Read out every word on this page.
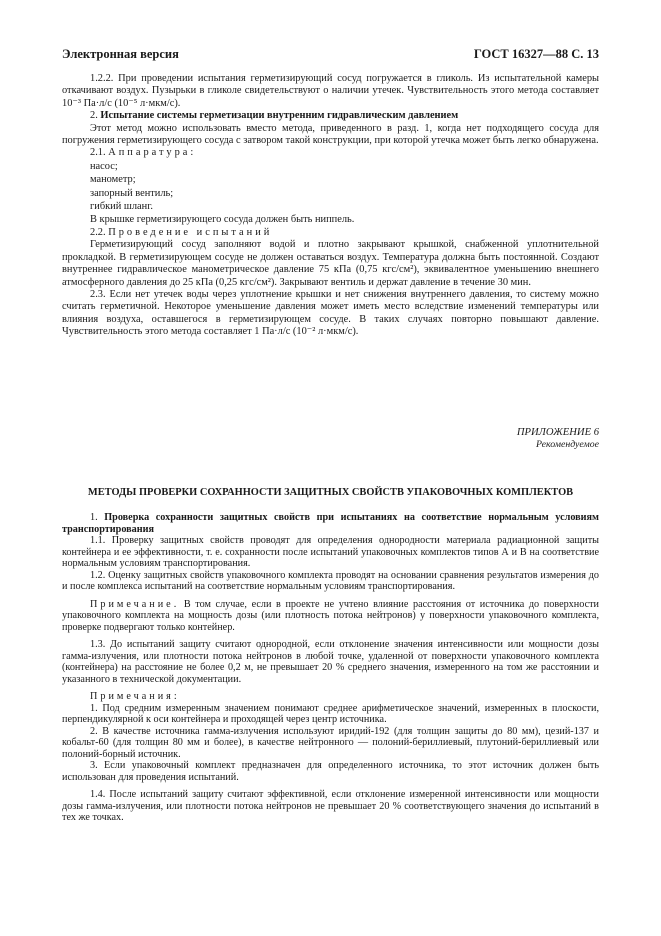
Электронная версия	ГОСТ 16327—88 С. 13

1.2.2. При проведении испытания герметизирующий сосуд погружается в гликоль. Из испытательной камеры откачивают воздух. Пузырьки в гликоле свидетельствуют о наличии утечек. Чувствительность этого метода составляет 10⁻³ Па·л/с (10⁻⁵ л·мкм/с).

2. Испытание системы герметизации внутренним гидравлическим давлением

Этот метод можно использовать вместо метода, приведенного в разд. 1, когда нет подходящего сосуда для погружения герметизирующего сосуда с затвором такой конструкции, при которой утечка может быть легко обнаружена.

2.1. Аппаратура:

насос;

манометр;

запорный вентиль;

гибкий шланг.

В крышке герметизирующего сосуда должен быть ниппель.

2.2. Проведение испытаний

Герметизирующий сосуд заполняют водой и плотно закрывают крышкой, снабженной уплотнительной прокладкой. В герметизирующем сосуде не должен оставаться воздух. Температура должна быть постоянной. Создают внутреннее гидравлическое манометрическое давление 75 кПа (0,75 кгс/см²), эквивалентное уменьшению внешнего атмосферного давления до 25 кПа (0,25 кгс/см²). Закрывают вентиль и держат давление в течение 30 мин.

2.3. Если нет утечек воды через уплотнение крышки и нет снижения внутреннего давления, то систему можно считать герметичной. Некоторое уменьшение давления может иметь место вследствие изменений температуры или влияния воздуха, оставшегося в герметизирующем сосуде. В таких случаях повторно повышают давление. Чувствительность этого метода составляет 1 Па·л/с (10⁻² л·мкм/с).

ПРИЛОЖЕНИЕ 6
Рекомендуемое
МЕТОДЫ ПРОВЕРКИ СОХРАННОСТИ ЗАЩИТНЫХ СВОЙСТВ УПАКОВОЧНЫХ КОМПЛЕКТОВ

1. Проверка сохранности защитных свойств при испытаниях на соответствие нормальным условиям транспортирования

1.1. Проверку защитных свойств проводят для определения однородности материала радиационной защиты контейнера и ее эффективности, т. е. сохранности после испытаний упаковочных комплектов типов А и В на соответствие нормальным условиям транспортирования.

1.2. Оценку защитных свойств упаковочного комплекта проводят на основании сравнения результатов измерения до и после комплекса испытаний на соответствие нормальным условиям транспортирования.

Примечание. В том случае, если в проекте не учтено влияние расстояния от источника до поверхности упаковочного комплекта на мощность дозы (или плотность потока нейтронов) у поверхности упаковочного комплекта, проверке подвергают только контейнер.

1.3. До испытаний защиту считают однородной, если отклонение значения интенсивности или мощности дозы гамма-излучения, или плотности потока нейтронов в любой точке, удаленной от поверхности упаковочного комплекта (контейнера) на расстояние не более 0,2 м, не превышает 20 % среднего значения, измеренного на том же расстоянии и указанного в технической документации.

Примечания:

1. Под средним измеренным значением понимают среднее арифметическое значений, измеренных в плоскости, перпендикулярной к оси контейнера и проходящей через центр источника.

2. В качестве источника гамма-излучения используют иридий-192 (для толщин защиты до 80 мм), цезий-137 и кобальт-60 (для толщин 80 мм и более), в качестве нейтронного — полоний-бериллиевый, плутоний-бериллиевый или полоний-борный источник.

3. Если упаковочный комплект предназначен для определенного источника, то этот источник должен быть использован для проведения испытаний.

1.4. После испытаний защиту считают эффективной, если отклонение измеренной интенсивности или мощности дозы гамма-излучения, или плотности потока нейтронов не превышает 20 % соответствующего значения до испытаний в тех же точках.
